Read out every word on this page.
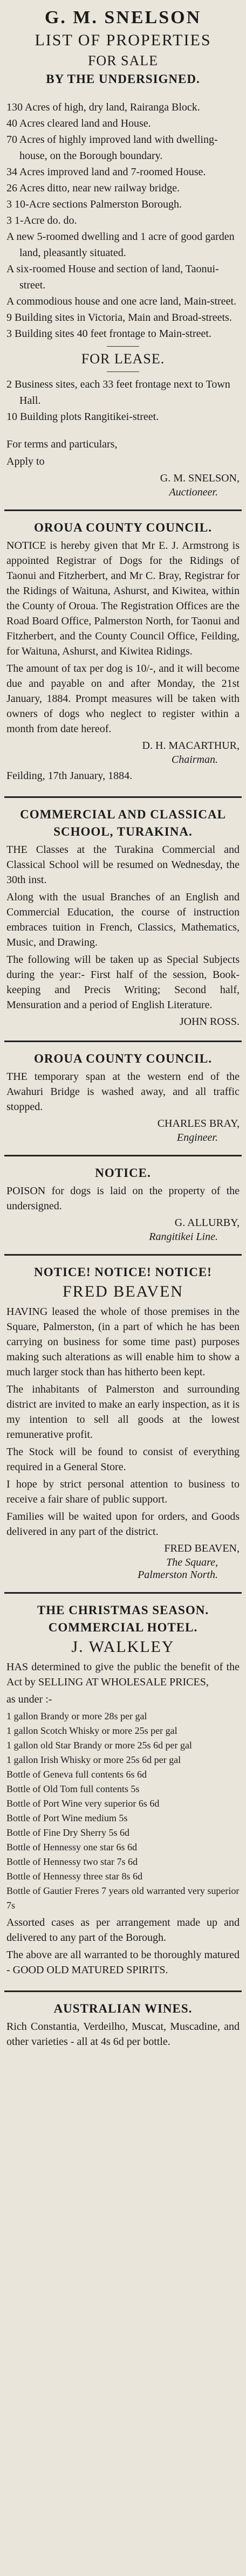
G. M. SNELSON
LIST OF PROPERTIES
FOR SALE
BY THE UNDERSIGNED.

130 Acres of high, dry land, Rairanga Block.

40 Acres cleared land and House.

70 Acres of highly improved land with dwelling-house, on the Borough boundary.

34 Acres improved land and 7-roomed House.

26 Acres ditto, near new railway bridge.

3 10-Acre sections Palmerston Borough.

3 1-Acre do. do.

A new 5-roomed dwelling and 1 acre of good garden land, pleasantly situated.

A six-roomed House and section of land, Taonui-street.

A commodious house and one acre land, Main-street.

9 Building sites in Victoria, Main and Broad-streets.

3 Building sites 40 feet frontage to Main-street.

FOR LEASE.

2 Business sites, each 33 feet frontage next to Town Hall.

10 Building plots Rangitikei-street.

For terms and particulars,

Apply to

G. M. SNELSON,

Auctioneer.

OROUA COUNTY COUNCIL.

NOTICE is hereby given that Mr E. J. Armstrong is appointed Registrar of Dogs for the Ridings of Taonui and Fitzherbert, and Mr C. Bray, Registrar for the Ridings of Waituna, Ashurst, and Kiwitea, within the County of Oroua. The Registration Offices are the Road Board Office, Palmerston North, for Taonui and Fitzherbert, and the County Council Office, Feilding, for Waituna, Ashurst, and Kiwitea Ridings.

The amount of tax per dog is 10/-, and it will become due and payable on and after Monday, the 21st January, 1884. Prompt measures will be taken with owners of dogs who neglect to register within a month from date hereof.

D. H. MACARTHUR,

Chairman.

Feilding, 17th January, 1884.

COMMERCIAL AND CLASSICAL
SCHOOL, TURAKINA.

THE Classes at the Turakina Commercial and Classical School will be resumed on Wednesday, the 30th inst.

Along with the usual Branches of an English and Commercial Education, the course of instruction embraces tuition in French, Classics, Mathematics, Music, and Drawing.

The following will be taken up as Special Subjects during the year:- First half of the session, Book-keeping and Precis Writing; Second half, Mensuration and a period of English Literature.

JOHN ROSS.

OROUA COUNTY COUNCIL.

THE temporary span at the western end of the Awahuri Bridge is washed away, and all traffic stopped.

CHARLES BRAY,

Engineer.

NOTICE.

POISON for dogs is laid on the property of the undersigned.

G. ALLURBY,

Rangitikei Line.

NOTICE! NOTICE! NOTICE!
FRED BEAVEN

HAVING leased the whole of those premises in the Square, Palmerston, (in a part of which he has been carrying on business for some time past) purposes making such alterations as will enable him to show a much larger stock than has hitherto been kept.

The inhabitants of Palmerston and surrounding district are invited to make an early inspection, as it is my intention to sell all goods at the lowest remunerative profit.

The Stock will be found to consist of everything required in a General Store.

I hope by strict personal attention to business to receive a fair share of public support.

Families will be waited upon for orders, and Goods delivered in any part of the district.

FRED BEAVEN,

The Square,

Palmerston North.

THE CHRISTMAS SEASON.
COMMERCIAL HOTEL.
J. WALKLEY

HAS determined to give the public the benefit of the Act by SELLING AT WHOLESALE PRICES,

as under :-

1 gallon Brandy or more 28s per gal

1 gallon Scotch Whisky or more 25s per gal

1 gallon old Star Brandy or more 25s 6d per gal

1 gallon Irish Whisky or more 25s 6d per gal

Bottle of Geneva full contents 6s 6d

Bottle of Old Tom full contents 5s

Bottle of Port Wine very superior 6s 6d

Bottle of Port Wine medium 5s

Bottle of Fine Dry Sherry 5s 6d

Bottle of Hennessy one star 6s 6d

Bottle of Hennessy two star 7s 6d

Bottle of Hennessy three star 8s 6d

Bottle of Gautier Freres 7 years old warranted very superior 7s

Assorted cases as per arrangement made up and delivered to any part of the Borough.

The above are all warranted to be thoroughly matured - GOOD OLD MATURED SPIRITS.

AUSTRALIAN WINES.

Rich Constantia, Verdeilho, Muscat, Muscadine, and other varieties - all at 4s 6d per bottle.
